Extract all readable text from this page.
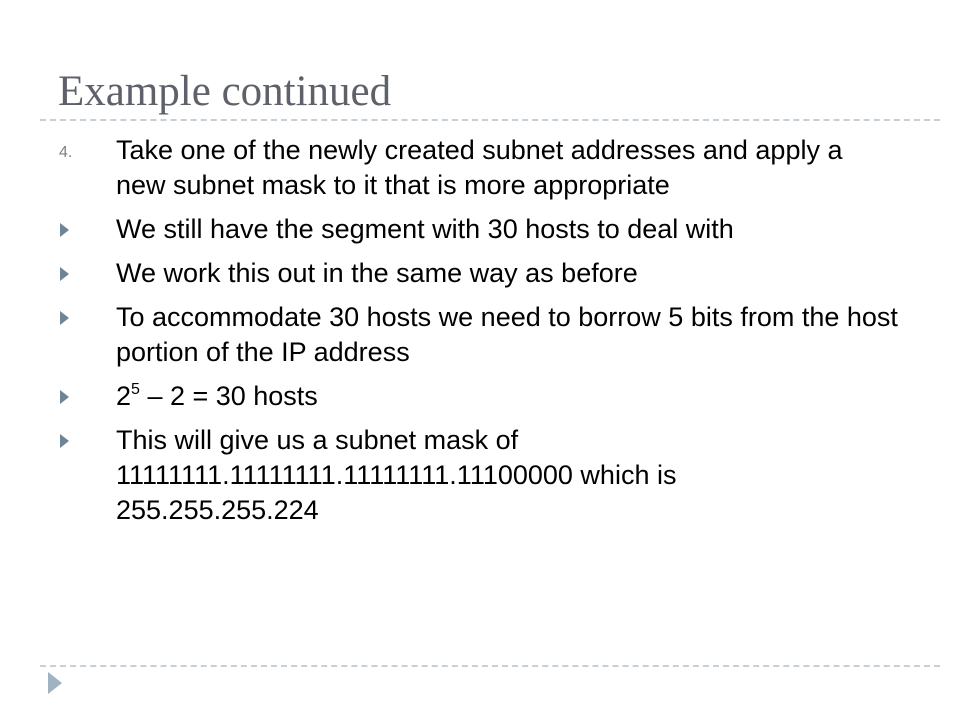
Example continued
4. Take one of the newly created subnet addresses and apply a new subnet mask to it that is more appropriate
We still have the segment with 30 hosts to deal with
We work this out in the same way as before
To accommodate 30 hosts we need to borrow 5 bits from the host portion of the IP address
$2^5 - 2 = 30$ hosts
This will give us a subnet mask of
11111111.11111111.11111111.11100000 which is
255.255.255.224
